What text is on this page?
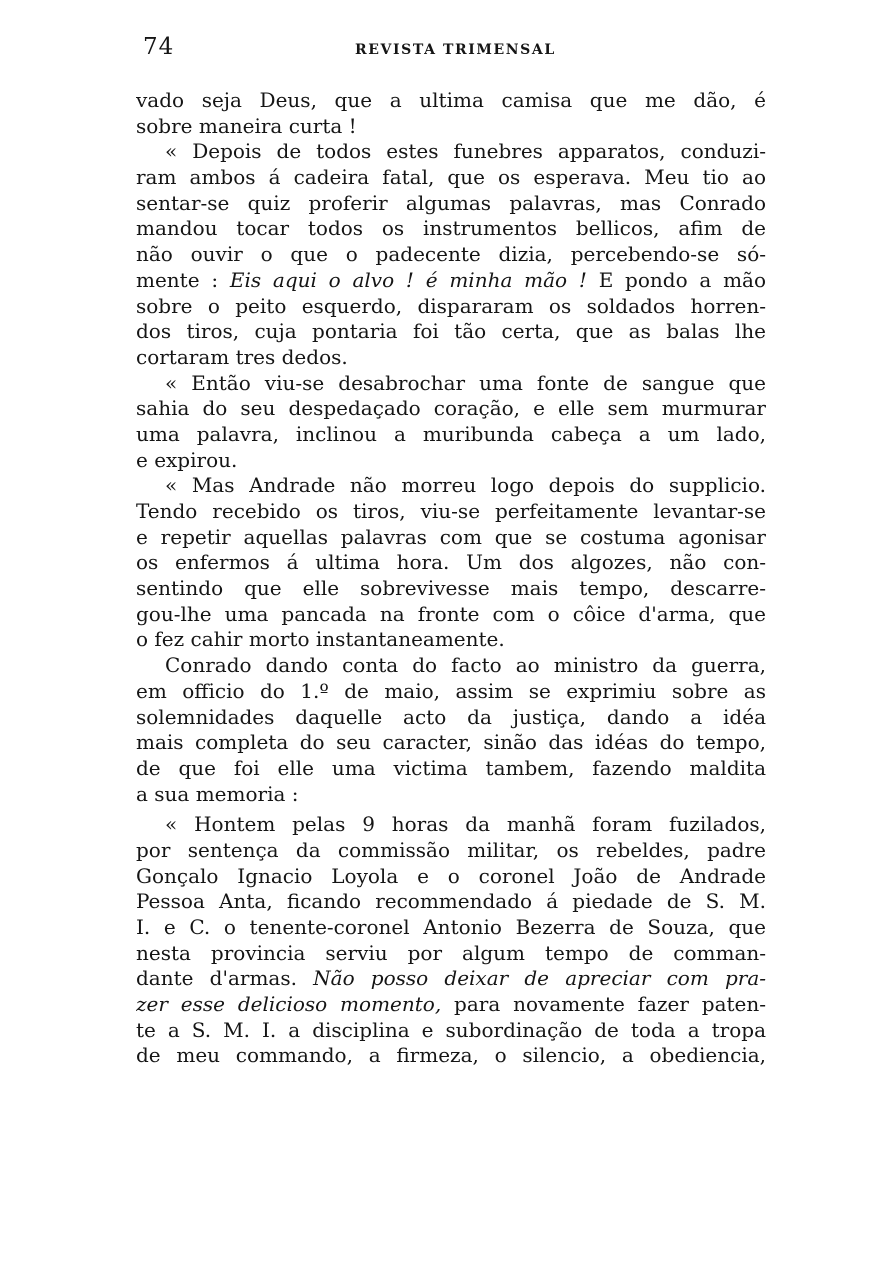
74	REVISTA TRIMENSAL
vado seja Deus, que a ultima camisa que me dão, é
sobre maneira curta !
« Depois de todos estes funebres apparatos, conduzi-
ram ambos á cadeira fatal, que os esperava. Meu tio ao
sentar-se quiz proferir algumas palavras, mas Conrado
mandou tocar todos os instrumentos bellicos, afim de
não ouvir o que o padecente dizia, percebendo-se só-
mente : Eis aqui o alvo ! é minha mão ! E pondo a mão
sobre o peito esquerdo, dispararam os soldados horren-
dos tiros, cuja pontaria foi tão certa, que as balas lhe
cortaram tres dedos.
« Então viu-se desabrochar uma fonte de sangue que
sahia do seu despedaçado coração, e elle sem murmurar
uma palavra, inclinou a muribunda cabeça a um lado,
e expirou.
« Mas Andrade não morreu logo depois do supplicio.
Tendo recebido os tiros, viu-se perfeitamente levantar-se
e repetir aquellas palavras com que se costuma agonisar
os enfermos á ultima hora. Um dos algozes, não con-
sentindo que elle sobrevivesse mais tempo, descarre-
gou-lhe uma pancada na fronte com o côice d'arma, que
o fez cahir morto instantaneamente.
Conrado dando conta do facto ao ministro da guerra,
em officio do 1.º de maio, assim se exprimiu sobre as
solemnidades daquelle acto da justiça, dando a idéa
mais completa do seu caracter, sinão das idéas do tempo,
de que foi elle uma victima tambem, fazendo maldita
a sua memoria :
« Hontem pelas 9 horas da manhã foram fuzilados,
por sentença da commissão militar, os rebeldes, padre
Gonçalo Ignacio Loyola e o coronel João de Andrade
Pessoa Anta, ficando recommendado á piedade de S. M.
I. e C. o tenente-coronel Antonio Bezerra de Souza, que
nesta provincia serviu por algum tempo de comman-
dante d'armas. Não posso deixar de apreciar com pra-
zer esse delicioso momento, para novamente fazer paten-
te a S. M. I. a disciplina e subordinação de toda a tropa
de meu commando, a firmeza, o silencio, a obediencia,
